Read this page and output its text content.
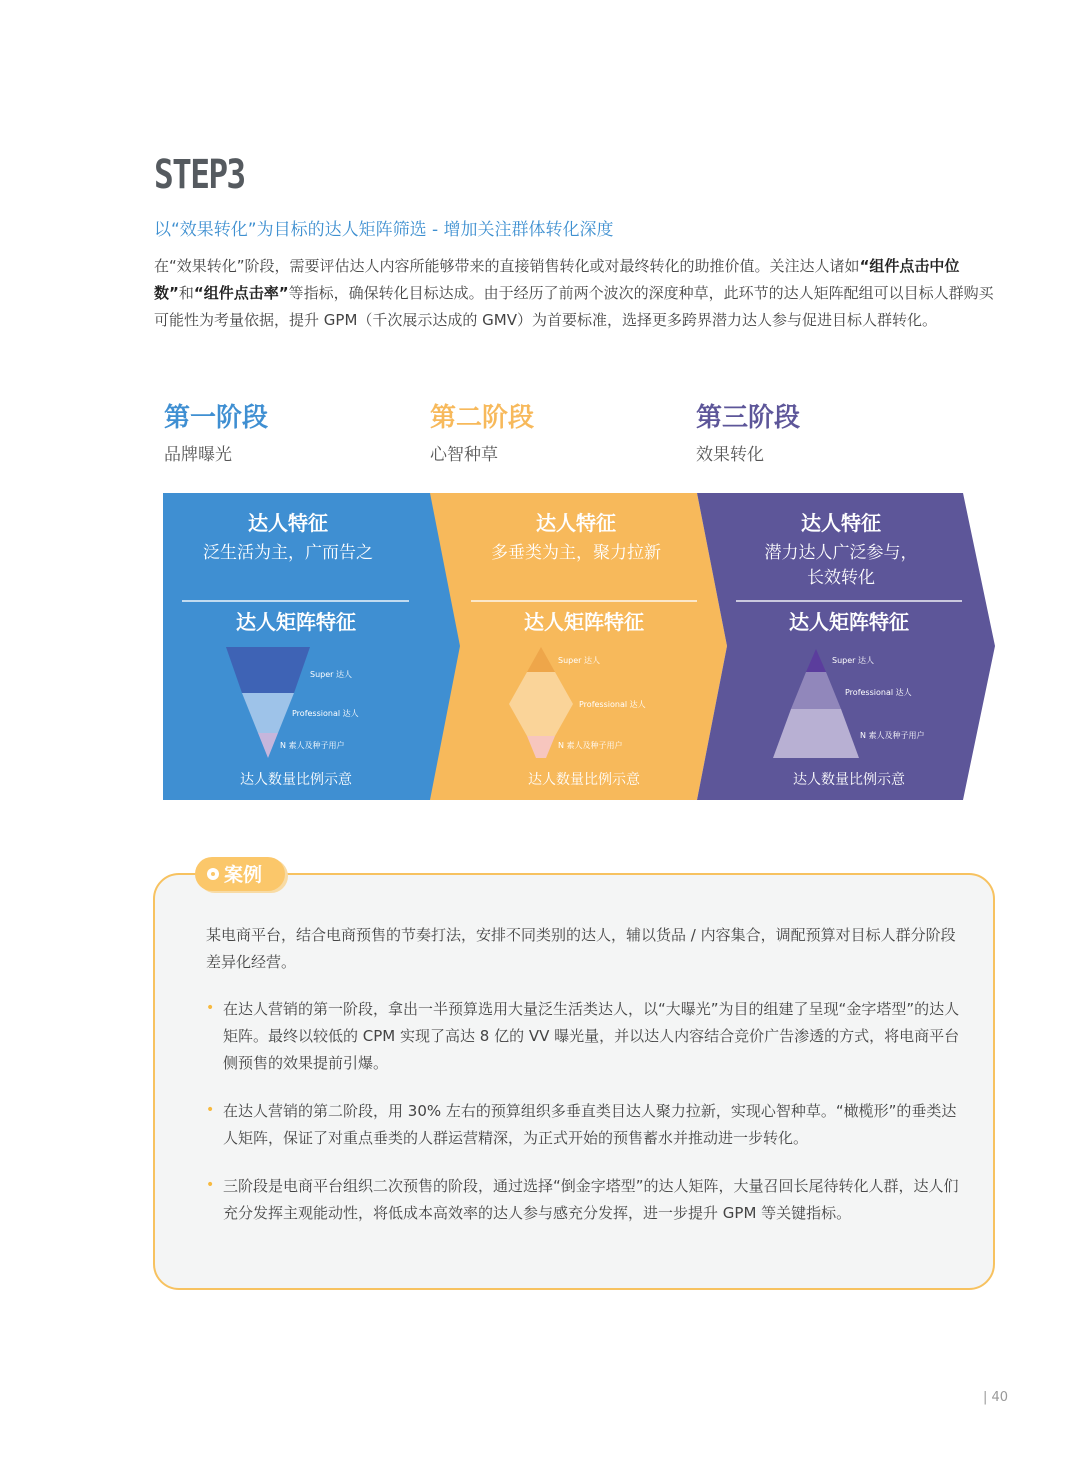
STEP3
以“效果转化”为目标的达人矩阵筛选 - 增加关注群体转化深度

在“效果转化”阶段，需要评估达人内容所能够带来的直接销售转化或对最终转化的助推价值。关注达人诸如“组件点击中位数”和“组件点击率”等指标，确保转化目标达成。由于经历了前两个波次的深度种草，此环节的达人矩阵配组可以目标人群购买可能性为考量依据，提升 GPM（千次展示达成的 GMV）为首要标准，选择更多跨界潜力达人参与促进目标人群转化。

第一阶段
品牌曝光
第二阶段
心智种草
第三阶段
效果转化
Super 达人
Professional 达人
N 素人及种子用户
Super 达人
Professional 达人
N 素人及种子用户
Super 达人
Professional 达人
N 素人及种子用户
达人特征
泛生活为主，广而告之
达人矩阵特征
达人数量比例示意
达人特征
多垂类为主，聚力拉新
达人矩阵特征
达人数量比例示意
达人特征
潜力达人广泛参与，
长效转化
达人矩阵特征
达人数量比例示意
案例

某电商平台，结合电商预售的节奏打法，安排不同类别的达人，辅以货品 / 内容集合，调配预算对目标人群分阶段差异化经营。

• 在达人营销的第一阶段，拿出一半预算选用大量泛生活类达人，以“大曝光”为目的组建了呈现“金字塔型”的达人矩阵。最终以较低的 CPM 实现了高达 8 亿的 VV 曝光量，并以达人内容结合竞价广告渗透的方式，将电商平台侧预售的效果提前引爆。

• 在达人营销的第二阶段，用 30% 左右的预算组织多垂直类目达人聚力拉新，实现心智种草。“橄榄形”的垂类达人矩阵，保证了对重点垂类的人群运营精深，为正式开始的预售蓄水并推动进一步转化。

• 三阶段是电商平台组织二次预售的阶段，通过选择“倒金字塔型”的达人矩阵，大量召回长尾待转化人群，达人们充分发挥主观能动性，将低成本高效率的达人参与感充分发挥，进一步提升 GPM 等关键指标。

| 40
